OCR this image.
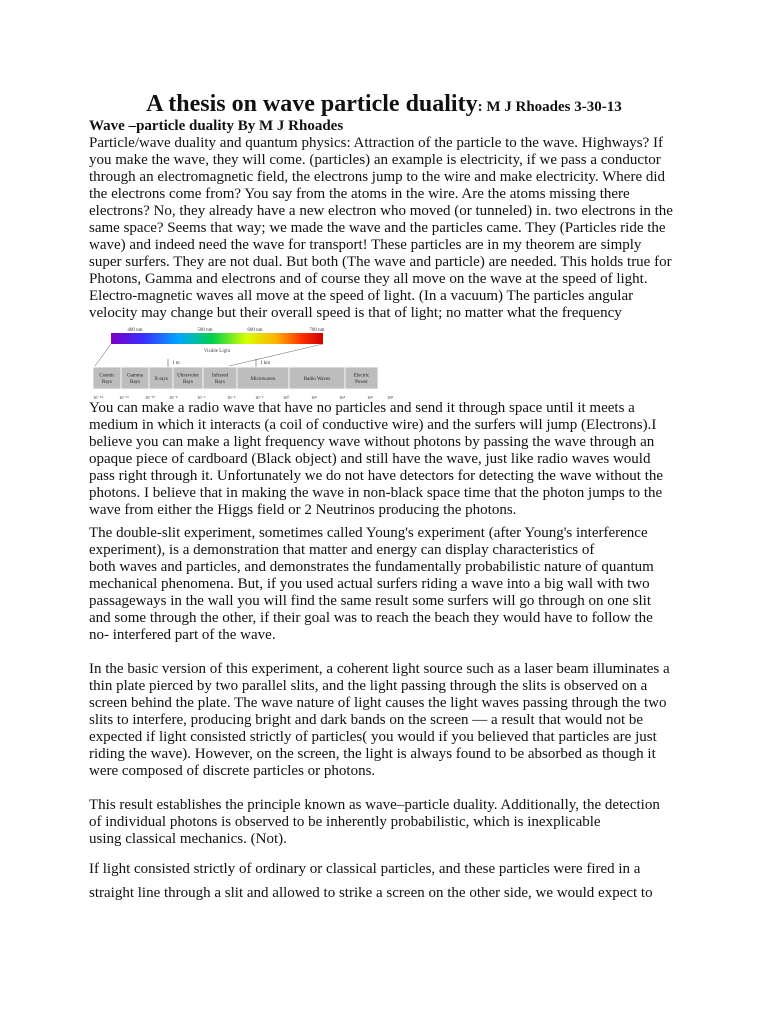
A thesis on wave particle duality: M J Rhoades 3-30-13
Wave –particle duality By M J Rhoades
Particle/wave duality and quantum physics: Attraction of the particle to the wave. Highways? If
you make the wave, they will come. (particles) an example is electricity, if we pass a conductor
through an electromagnetic field, the electrons jump to the wire and make electricity. Where did
the electrons come from? You say from the atoms in the wire. Are the atoms missing there
electrons? No, they already have a new electron who moved (or tunneled) in. two electrons in the
same space? Seems that way; we made the wave and the particles came. They (Particles ride the
wave) and indeed need the wave for transport! These particles are in my theorem are simply
super surfers. They are not dual. But both (The wave and particle) are needed. This holds true for
Photons, Gamma and electrons and of course they all move on the wave at the speed of light.
Electro-magnetic waves all move at the speed of light. (In a vacuum) The particles angular
velocity may change but their overall speed is that of light; no matter what the frequency
You can make a radio wave that have no particles and send it through space until it meets a
medium in which it interacts (a coil of conductive wire) and the surfers will jump (Electrons).I
believe you can make a light frequency wave without photons by passing the wave through an
opaque piece of cardboard (Black object) and still have the wave, just like radio waves would
pass right through it. Unfortunately we do not have detectors for detecting the wave without the
photons. I believe that in making the wave in non-black space time that the photon jumps to the
wave from either the Higgs field or 2 Neutrinos producing the photons.
The double-slit experiment, sometimes called Young's experiment (after Young's interference
experiment), is a demonstration that matter and energy can display characteristics of
both waves and particles, and demonstrates the fundamentally probabilistic nature of quantum
mechanical phenomena. But, if you used actual surfers riding a wave into a big wall with two
passageways in the wall you will find the same result some surfers will go through on one slit
and some through the other, if their goal was to reach the beach they would have to follow the
no- interfered part of the wave.
In the basic version of this experiment, a coherent light source such as a laser beam illuminates a
thin plate pierced by two parallel slits, and the light passing through the slits is observed on a
screen behind the plate. The wave nature of light causes the light waves passing through the two
slits to interfere, producing bright and dark bands on the screen — a result that would not be
expected if light consisted strictly of particles( you would if you believed that particles are just
riding the wave). However, on the screen, the light is always found to be absorbed as though it
were composed of discrete particles or photons.
This result establishes the principle known as wave–particle duality. Additionally, the detection
of individual photons is observed to be inherently probabilistic, which is inexplicable
using classical mechanics. (Not).
If light consisted strictly of ordinary or classical particles, and these particles were fired in a
straight line through a slit and allowed to strike a screen on the other side, we would expect to
400 nm	500 nm	600 nm	700 nm
Visible Light
1 m	1 km
Cosmic
Rays
Gamma
Rays
X-rays
Ultraviolet
Rays
Infrared
Rays
Microwaves	Radio Waves
Electric
Power
10⁻¹⁴	10⁻¹²	10⁻¹⁰	10⁻⁸	10⁻⁶	10⁻⁴	10⁻²	10⁰	10²	10⁴	10⁶	10⁸
